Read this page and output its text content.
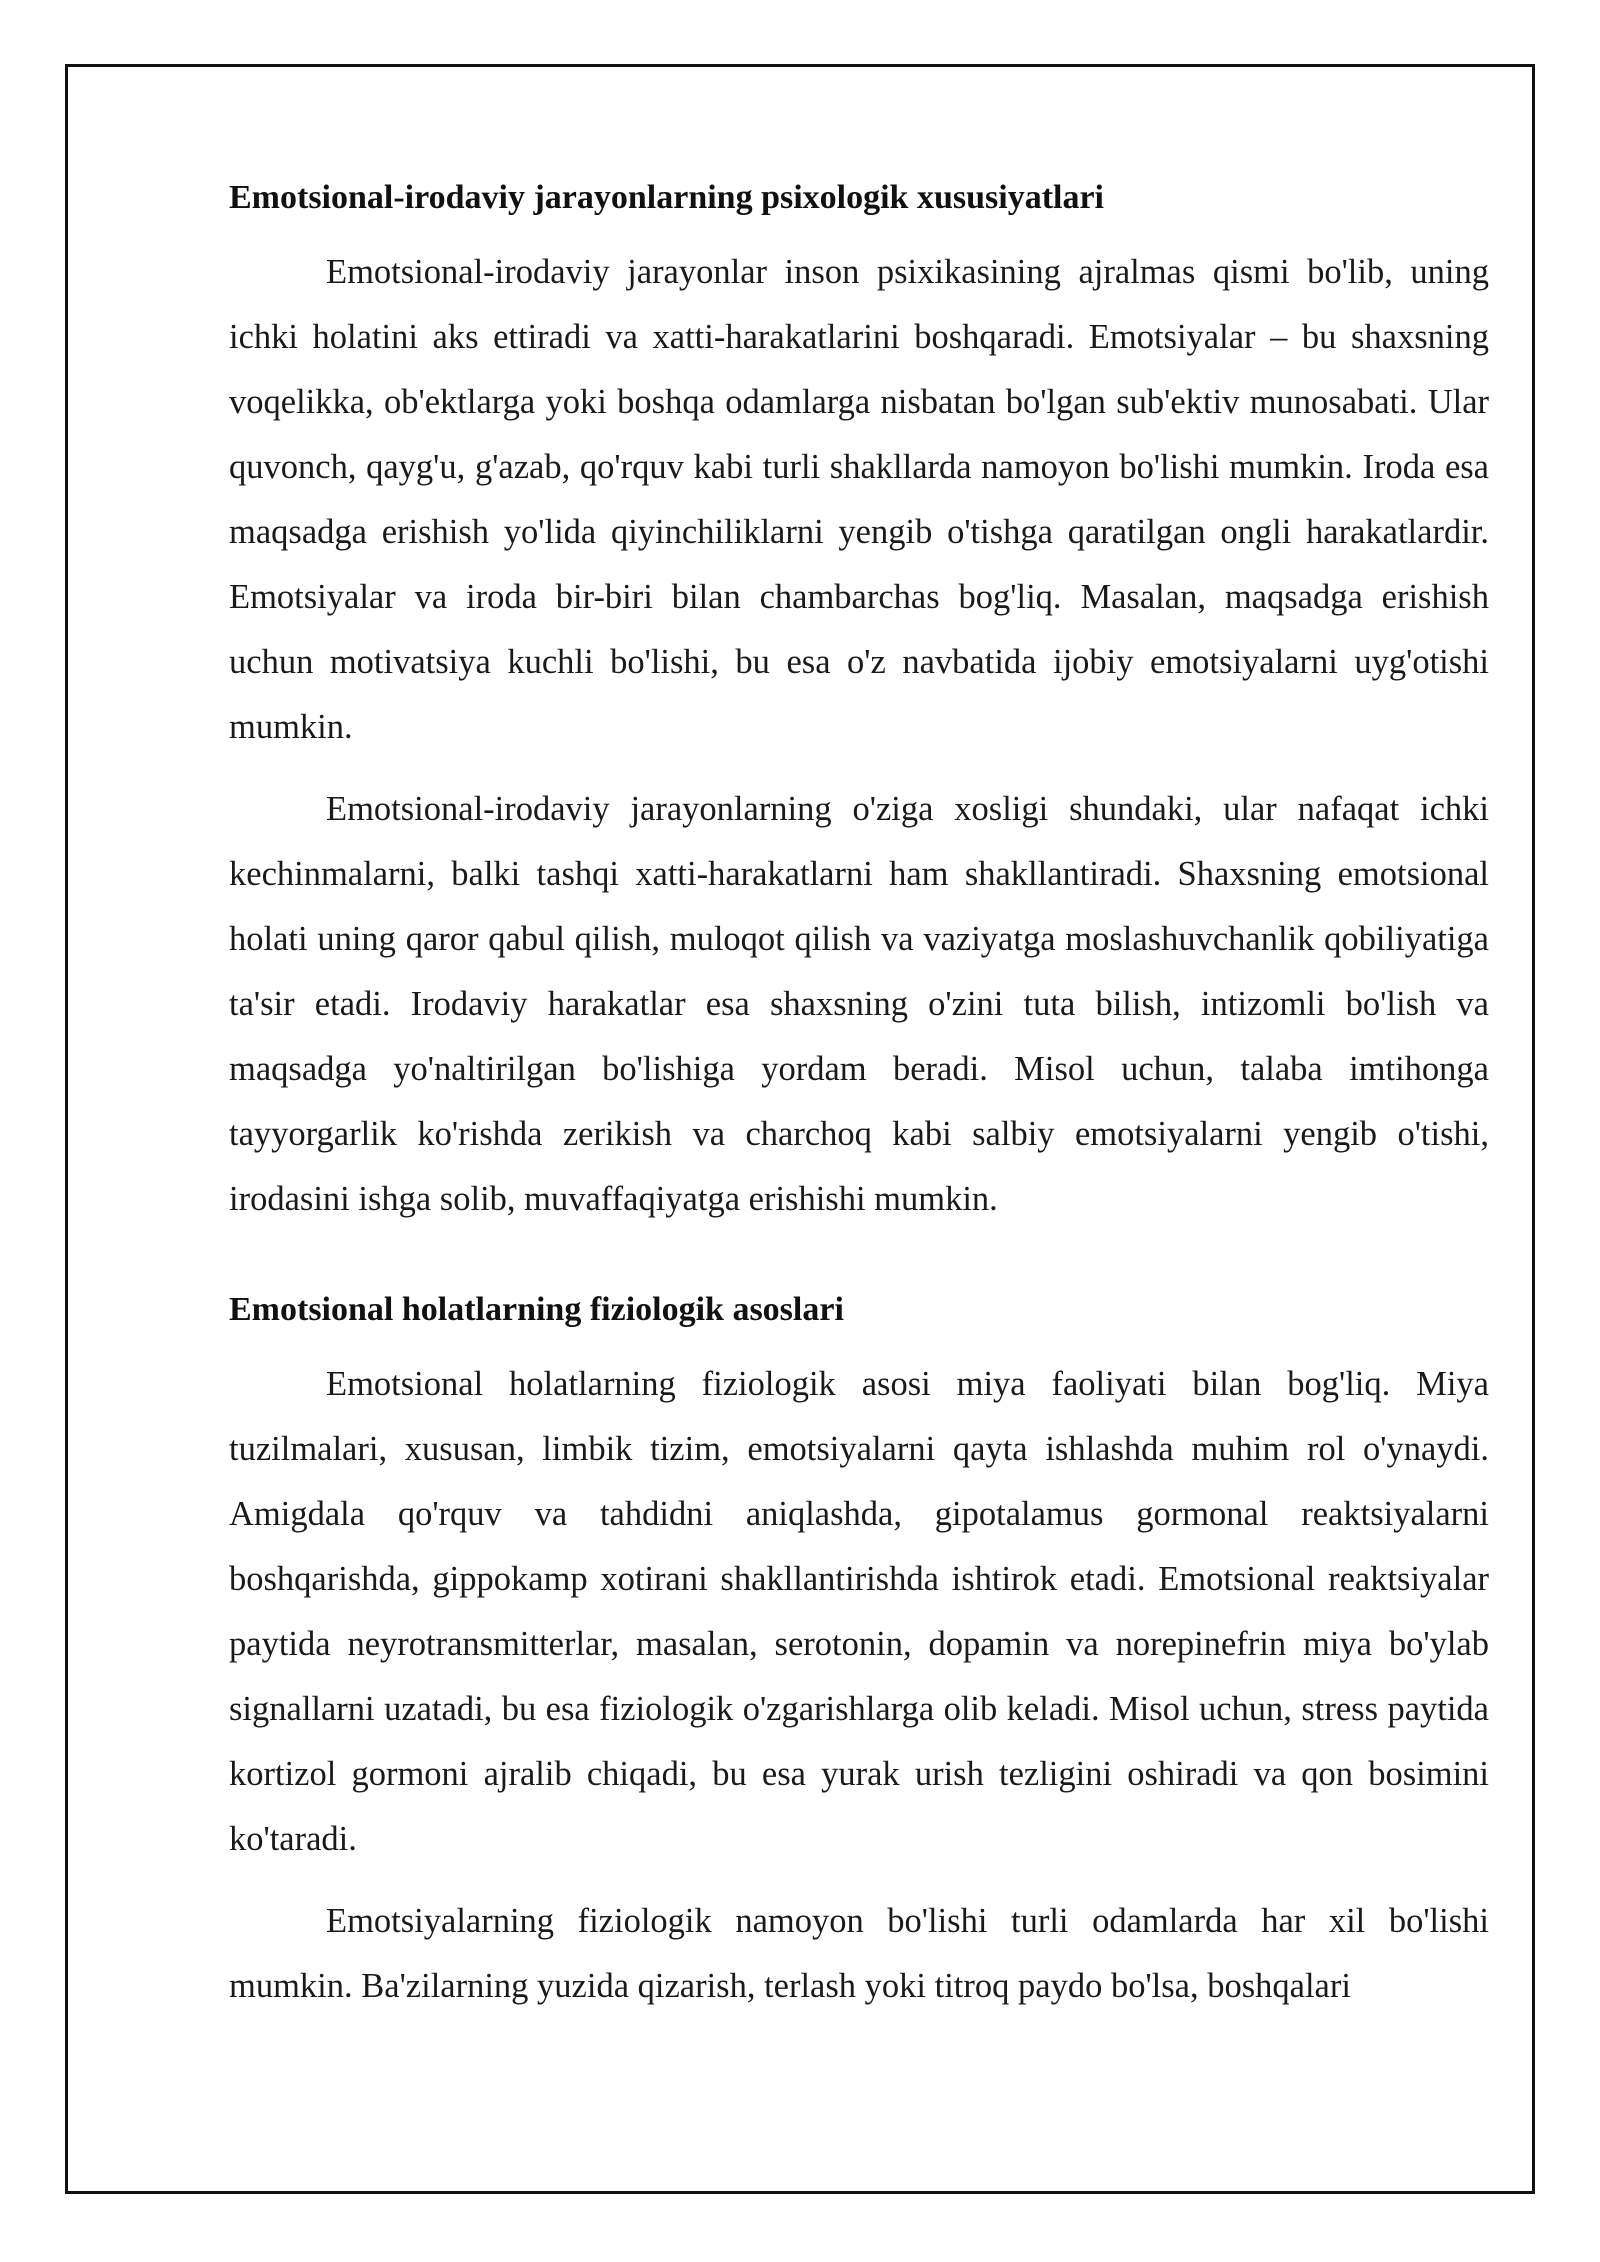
Emotsional-irodaviy jarayonlarning psixologik xususiyatlari

Emotsional-irodaviy jarayonlar inson psixikasining ajralmas qismi bo'lib, uning ichki holatini aks ettiradi va xatti-harakatlarini boshqaradi. Emotsiyalar – bu shaxsning voqelikka, ob'ektlarga yoki boshqa odamlarga nisbatan bo'lgan sub'ektiv munosabati. Ular quvonch, qayg'u, g'azab, qo'rquv kabi turli shakllarda namoyon bo'lishi mumkin. Iroda esa maqsadga erishish yo'lida qiyinchiliklarni yengib o'tishga qaratilgan ongli harakatlardir. Emotsiyalar va iroda bir-biri bilan chambarchas bog'liq. Masalan, maqsadga erishish uchun motivatsiya kuchli bo'lishi, bu esa o'z navbatida ijobiy emotsiyalarni uyg'otishi mumkin.

Emotsional-irodaviy jarayonlarning o'ziga xosligi shundaki, ular nafaqat ichki kechinmalarni, balki tashqi xatti-harakatlarni ham shakllantiradi. Shaxsning emotsional holati uning qaror qabul qilish, muloqot qilish va vaziyatga moslashuvchanlik qobiliyatiga ta'sir etadi. Irodaviy harakatlar esa shaxsning o'zini tuta bilish, intizomli bo'lish va maqsadga yo'naltirilgan bo'lishiga yordam beradi. Misol uchun, talaba imtihonga tayyorgarlik ko'rishda zerikish va charchoq kabi salbiy emotsiyalarni yengib o'tishi, irodasini ishga solib, muvaffaqiyatga erishishi mumkin.

Emotsional holatlarning fiziologik asoslari

Emotsional holatlarning fiziologik asosi miya faoliyati bilan bog'liq. Miya tuzilmalari, xususan, limbik tizim, emotsiyalarni qayta ishlashda muhim rol o'ynaydi. Amigdala qo'rquv va tahdidni aniqlashda, gipotalamus gormonal reaktsiyalarni boshqarishda, gippokamp xotirani shakllantirishda ishtirok etadi. Emotsional reaktsiyalar paytida neyrotransmitterlar, masalan, serotonin, dopamin va norepinefrin miya bo'ylab signallarni uzatadi, bu esa fiziologik o'zgarishlarga olib keladi. Misol uchun, stress paytida kortizol gormoni ajralib chiqadi, bu esa yurak urish tezligini oshiradi va qon bosimini ko'taradi.

Emotsiyalarning fiziologik namoyon bo'lishi turli odamlarda har xil bo'lishi mumkin. Ba'zilarning yuzida qizarish, terlash yoki titroq paydo bo'lsa, boshqalari
